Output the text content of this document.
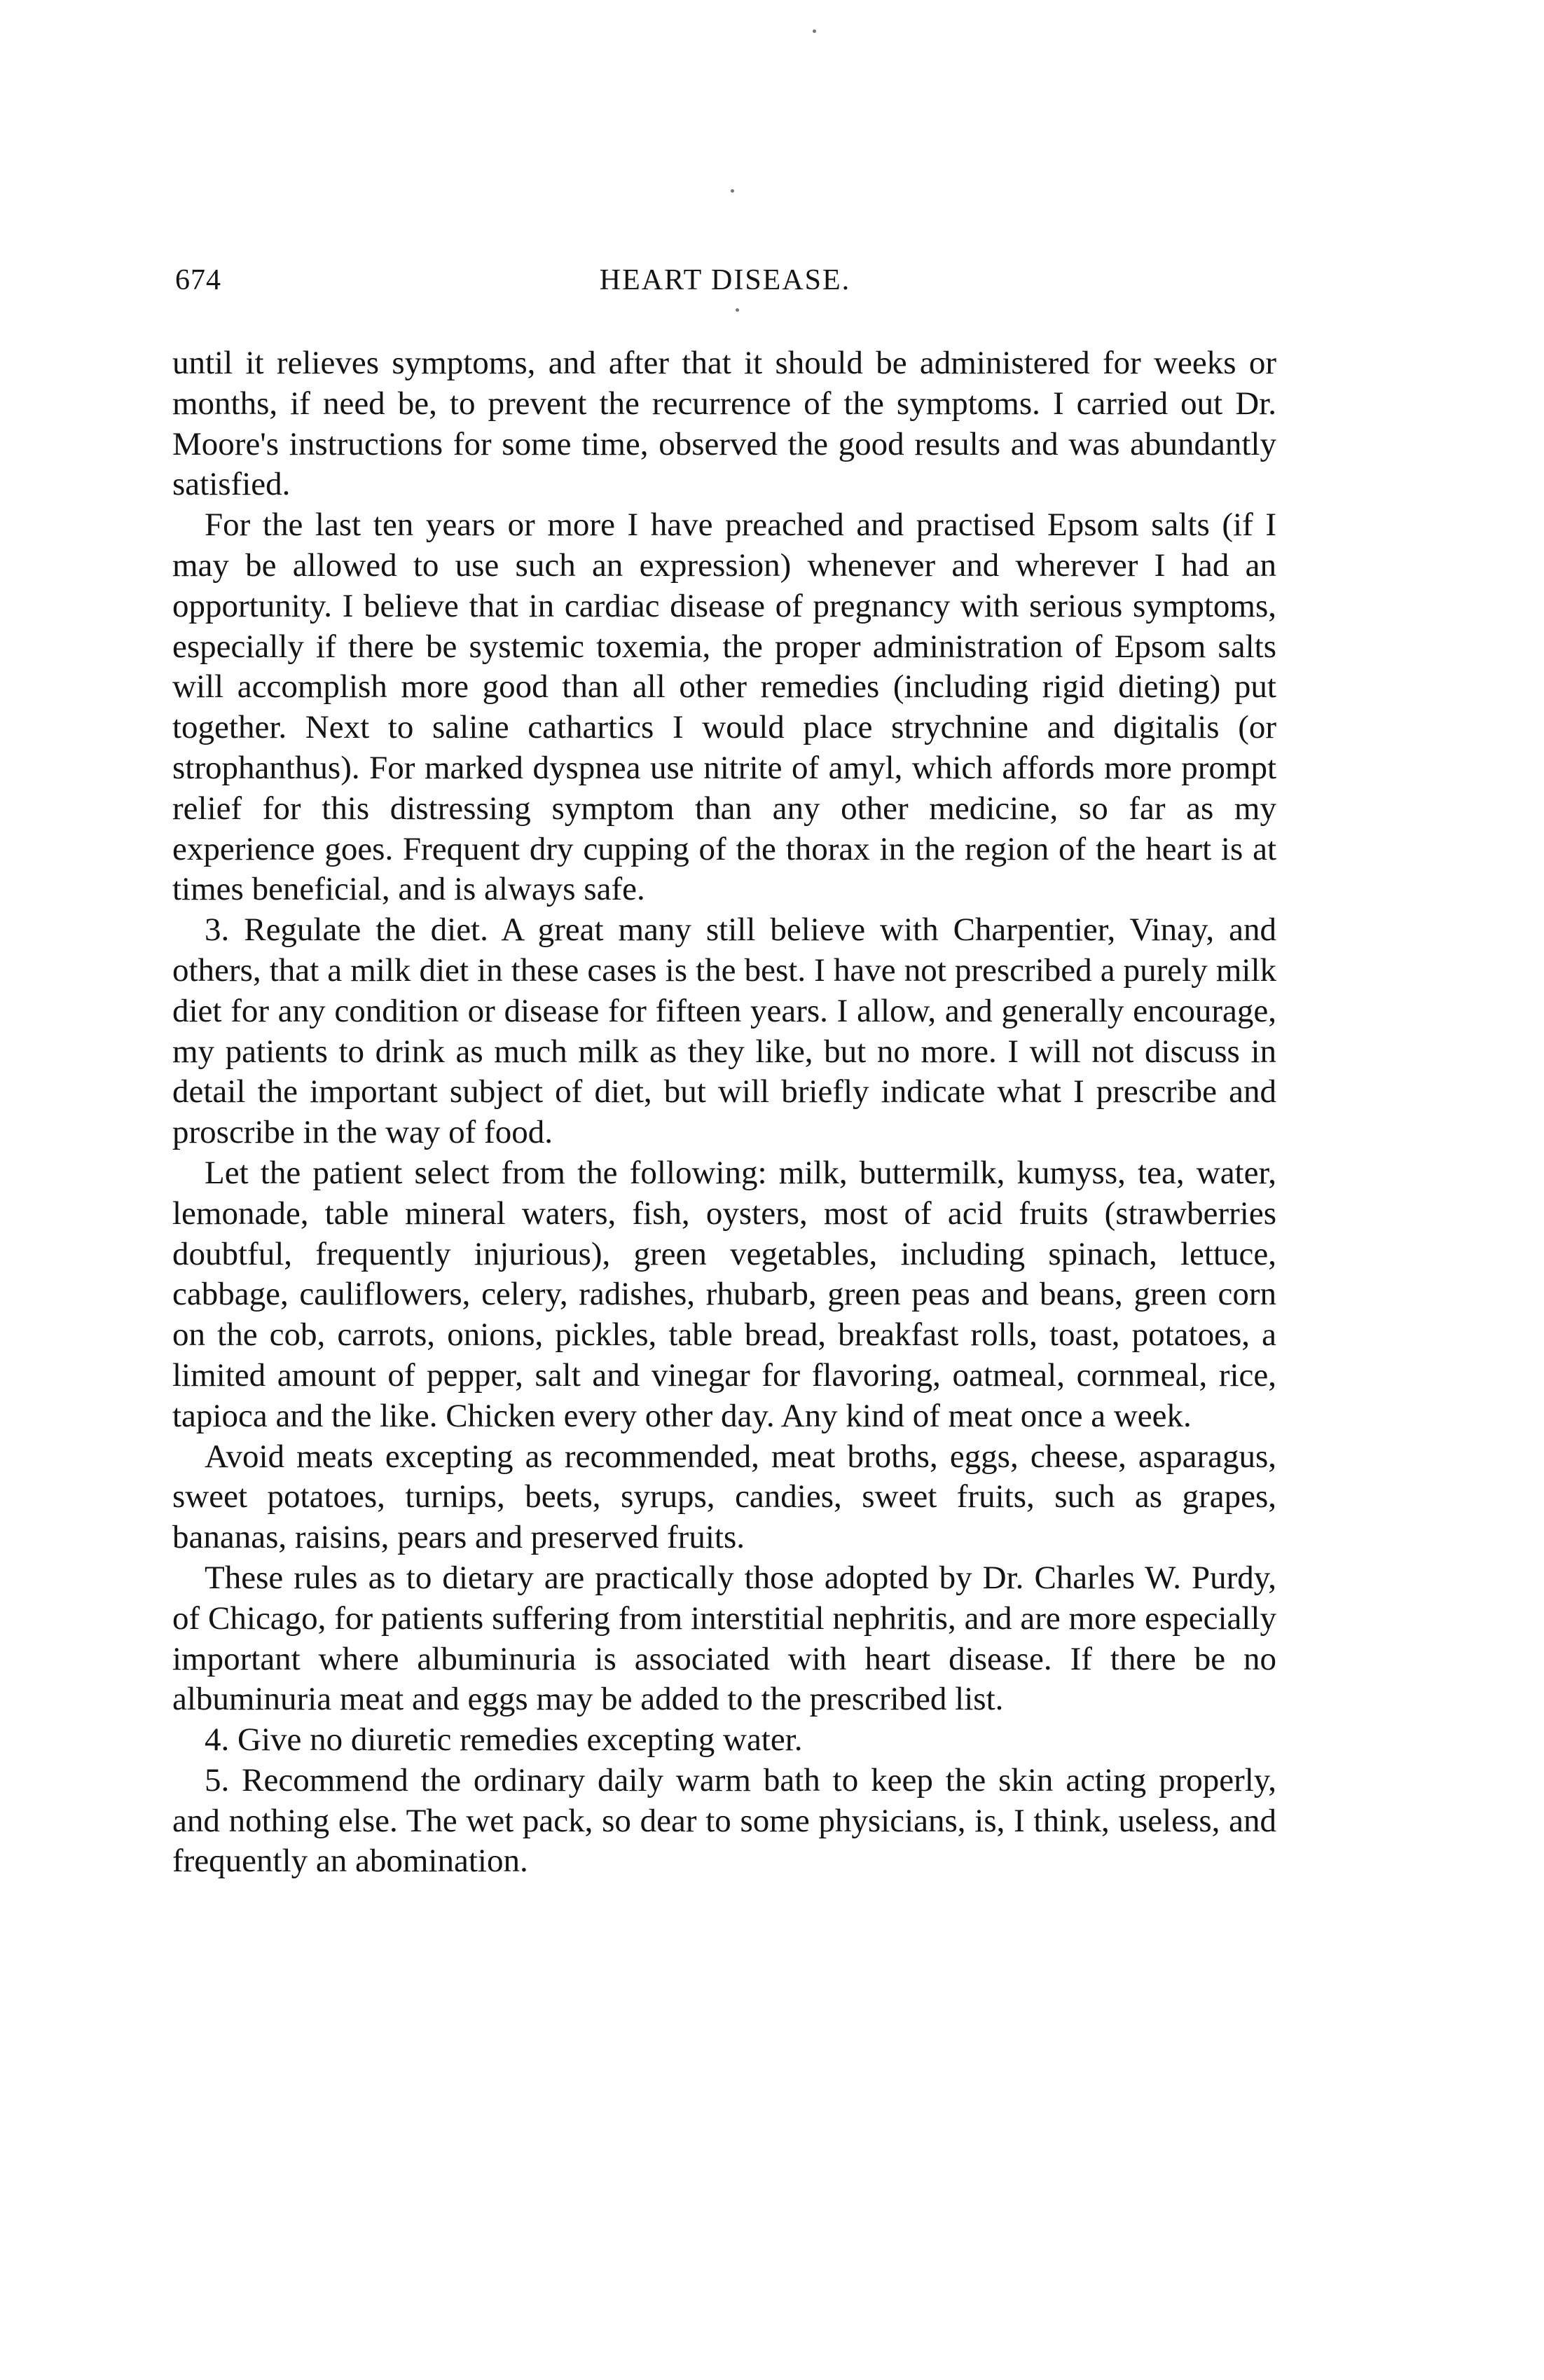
674	HEART DISEASE.

until it relieves symptoms, and after that it should be administered for weeks or months, if need be, to prevent the recurrence of the symptoms. I carried out Dr. Moore's instructions for some time, observed the good results and was abundantly satisfied.

For the last ten years or more I have preached and practised Epsom salts (if I may be allowed to use such an expression) whenever and wherever I had an opportunity. I believe that in cardiac disease of pregnancy with serious symptoms, especially if there be systemic toxemia, the proper administration of Epsom salts will accomplish more good than all other remedies (including rigid dieting) put together. Next to saline cathartics I would place strychnine and digitalis (or strophanthus). For marked dyspnea use nitrite of amyl, which affords more prompt relief for this distressing symptom than any other medicine, so far as my experience goes. Frequent dry cupping of the thorax in the region of the heart is at times beneficial, and is always safe.

3. Regulate the diet. A great many still believe with Charpentier, Vinay, and others, that a milk diet in these cases is the best. I have not prescribed a purely milk diet for any condition or disease for fifteen years. I allow, and generally encourage, my patients to drink as much milk as they like, but no more. I will not discuss in detail the important subject of diet, but will briefly indicate what I prescribe and proscribe in the way of food.

Let the patient select from the following: milk, buttermilk, kumyss, tea, water, lemonade, table mineral waters, fish, oysters, most of acid fruits (strawberries doubtful, frequently injurious), green vegetables, including spinach, lettuce, cabbage, cauliflowers, celery, radishes, rhubarb, green peas and beans, green corn on the cob, carrots, onions, pickles, table bread, breakfast rolls, toast, potatoes, a limited amount of pepper, salt and vinegar for flavoring, oatmeal, cornmeal, rice, tapioca and the like. Chicken every other day. Any kind of meat once a week.

Avoid meats excepting as recommended, meat broths, eggs, cheese, asparagus, sweet potatoes, turnips, beets, syrups, candies, sweet fruits, such as grapes, bananas, raisins, pears and preserved fruits.

These rules as to dietary are practically those adopted by Dr. Charles W. Purdy, of Chicago, for patients suffering from interstitial nephritis, and are more especially important where albuminuria is associated with heart disease. If there be no albuminuria meat and eggs may be added to the prescribed list.

4. Give no diuretic remedies excepting water.

5. Recommend the ordinary daily warm bath to keep the skin acting properly, and nothing else. The wet pack, so dear to some physicians, is, I think, useless, and frequently an abomination.
